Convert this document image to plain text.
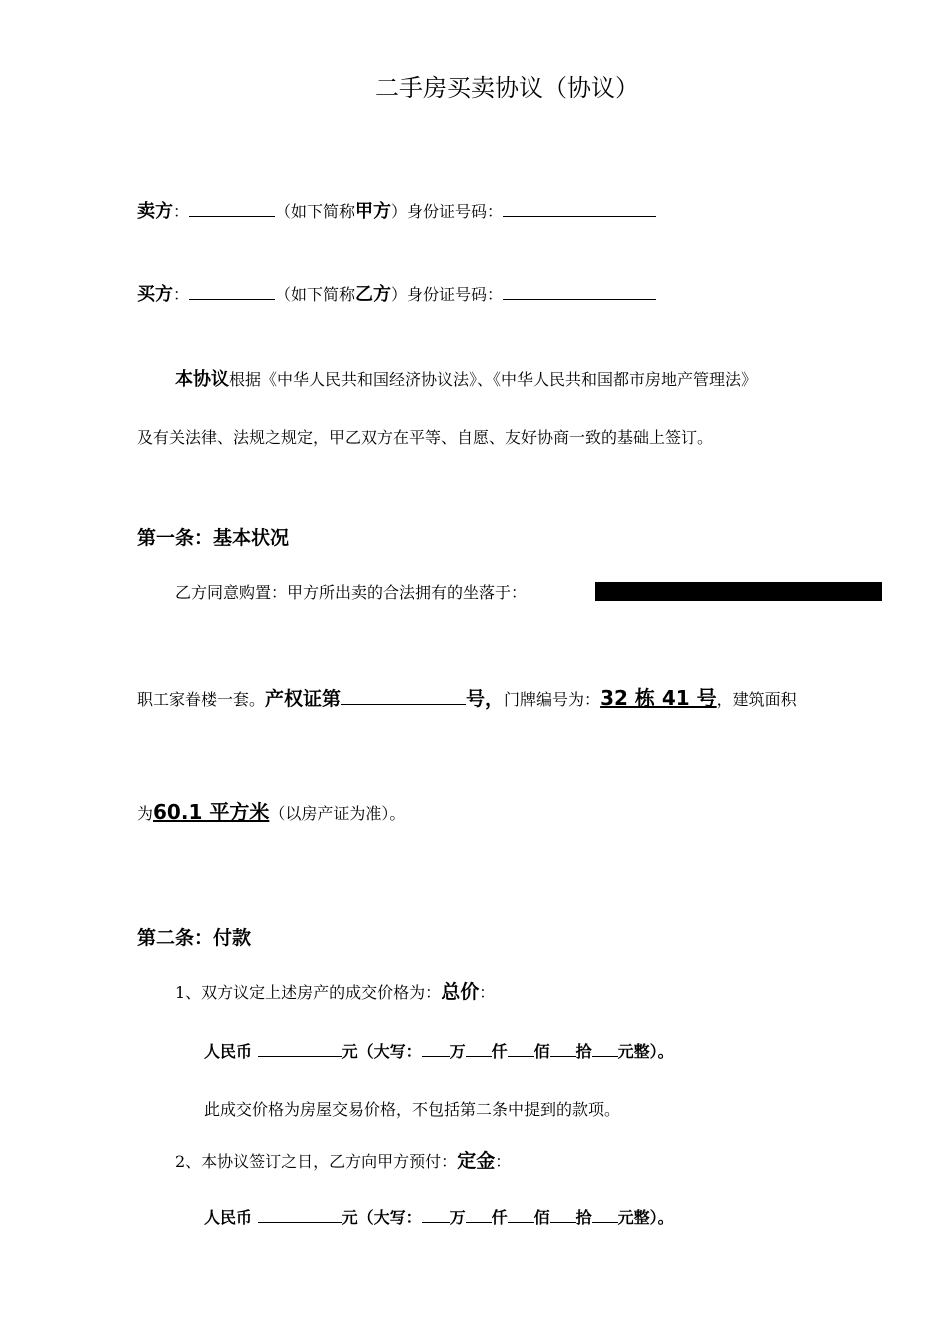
二手房买卖协议（协议）
卖方：	（如下简称甲方）身份证号码：
买方：	（如下简称乙方）身份证号码：
本协议根据《中华人民共和国经济协议法》、《中华人民共和国都市房地产管理法》
及有关法律、法规之规定，甲乙双方在平等、自愿、友好协商一致的基础上签订。
第一条：基本状况
乙方同意购置：甲方所出卖的合法拥有的坐落于：
职工家眷楼一套。产权证第	号，门牌编号为：32 栋 41 号，建筑面积
为60.1 平方米（以房产证为准）。
第二条：付款
1、双方议定上述房产的成交价格为：总价：
人民币	元（大写： 万 仟 佰 拾 元整）。
此成交价格为房屋交易价格，不包括第二条中提到的款项。
2、本协议签订之日，乙方向甲方预付：定金：
人民币	元（大写： 万 仟 佰 拾 元整）。
